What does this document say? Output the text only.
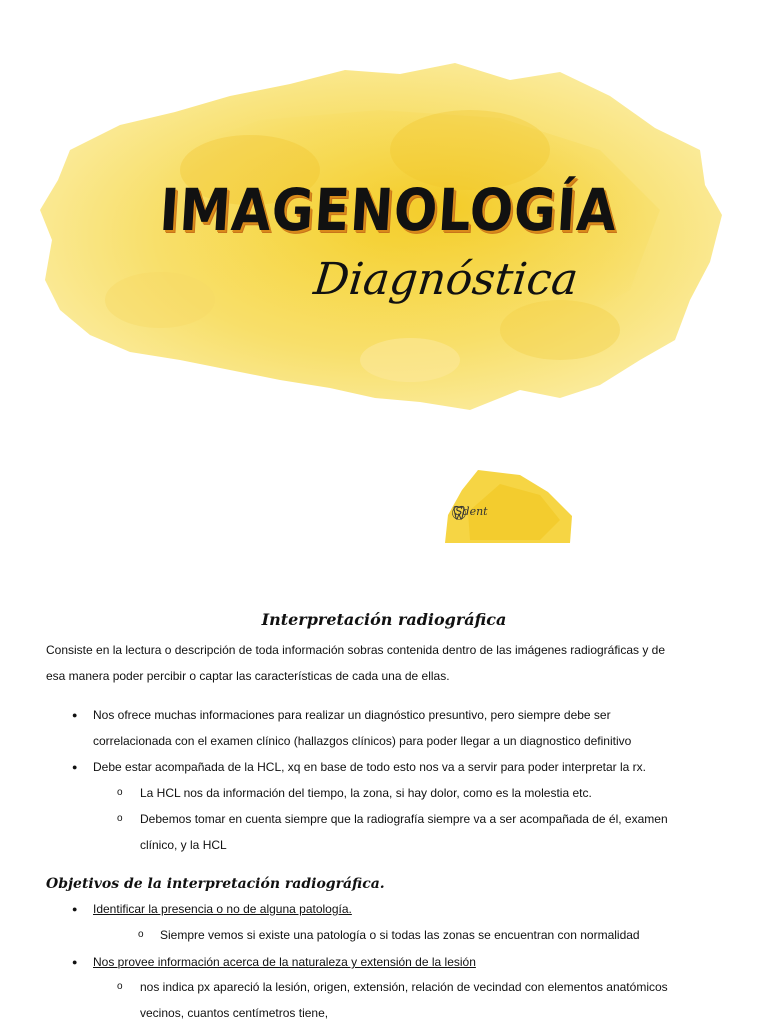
IMAGENOLOGÍA
Diagnóstica
Sdent
Interpretación radiográfica
Consiste en la lectura o descripción de toda información sobras contenida dentro de las imágenes radiográficas y de
esa manera poder percibir o captar las características de cada una de ellas.
● Nos ofrece muchas informaciones para realizar un diagnóstico presuntivo, pero siempre debe ser
correlacionada con el examen clínico (hallazgos clínicos) para poder llegar a un diagnostico definitivo
● Debe estar acompañada de la HCL, xq en base de todo esto nos va a servir para poder interpretar la rx.
o La HCL nos da información del tiempo, la zona, si hay dolor, como es la molestia etc.
o Debemos tomar en cuenta siempre que la radiografía siempre va a ser acompañada de él, examen
clínico, y la HCL
Objetivos de la interpretación radiográfica.
● Identificar la presencia o no de alguna patología.
o Siempre vemos si existe una patología o si todas las zonas se encuentran con normalidad
● Nos provee información acerca de la naturaleza y extensión de la lesión
o nos indica px apareció la lesión, origen, extensión, relación de vecindad con elementos anatómicos
vecinos, cuantos centímetros tiene,
